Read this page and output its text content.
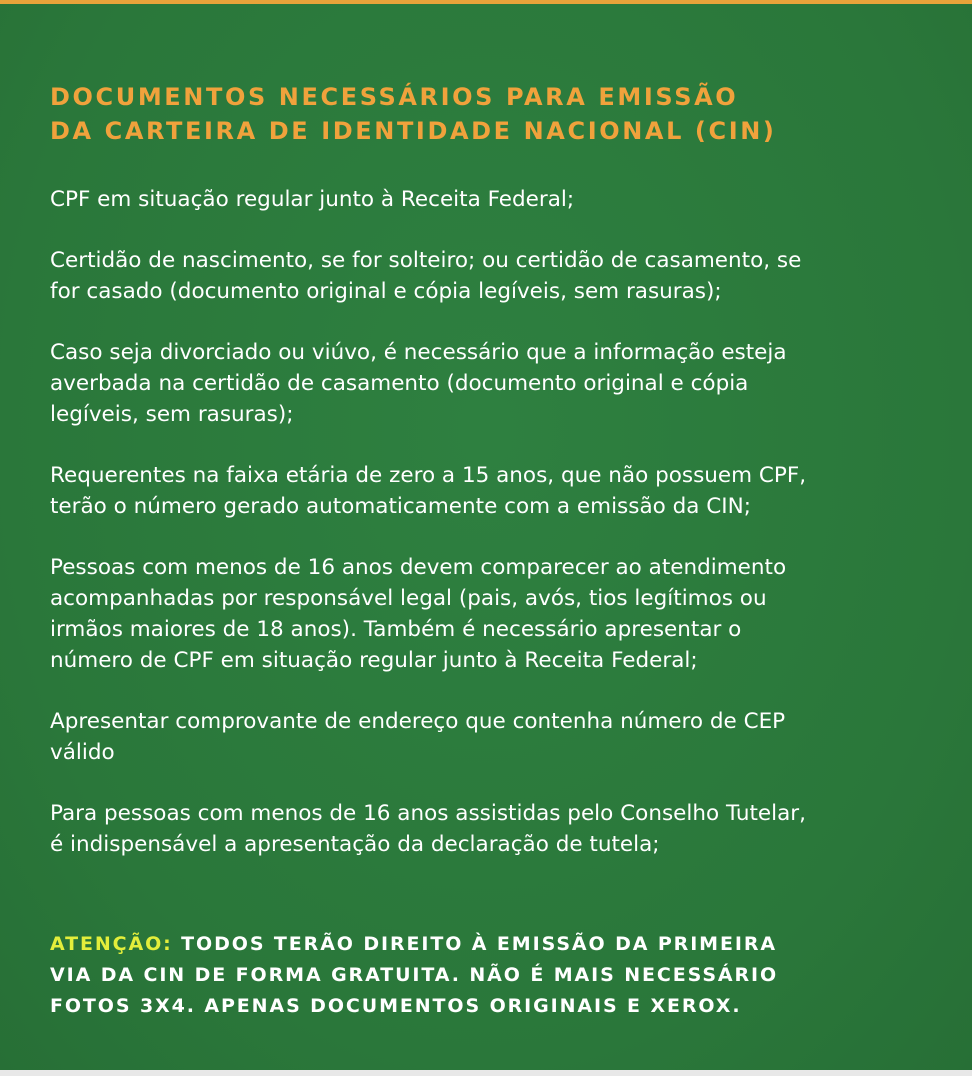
DOCUMENTOS NECESSÁRIOS PARA EMISSÃO
DA CARTEIRA DE IDENTIDADE NACIONAL (CIN)
CPF em situação regular junto à Receita Federal;
Certidão de nascimento, se for solteiro; ou certidão de casamento, se
for casado (documento original e cópia legíveis, sem rasuras);
Caso seja divorciado ou viúvo, é necessário que a informação esteja
averbada na certidão de casamento (documento original e cópia
legíveis, sem rasuras);
Requerentes na faixa etária de zero a 15 anos, que não possuem CPF,
terão o número gerado automaticamente com a emissão da CIN;
Pessoas com menos de 16 anos devem comparecer ao atendimento
acompanhadas por responsável legal (pais, avós, tios legítimos ou
irmãos maiores de 18 anos). Também é necessário apresentar o
número de CPF em situação regular junto à Receita Federal;
Apresentar comprovante de endereço que contenha número de CEP
válido
Para pessoas com menos de 16 anos assistidas pelo Conselho Tutelar,
é indispensável a apresentação da declaração de tutela;

ATENÇÃO: TODOS TERÃO DIREITO À EMISSÃO DA PRIMEIRA
VIA DA CIN DE FORMA GRATUITA. NÃO É MAIS NECESSÁRIO
FOTOS 3X4. APENAS DOCUMENTOS ORIGINAIS E XEROX.
